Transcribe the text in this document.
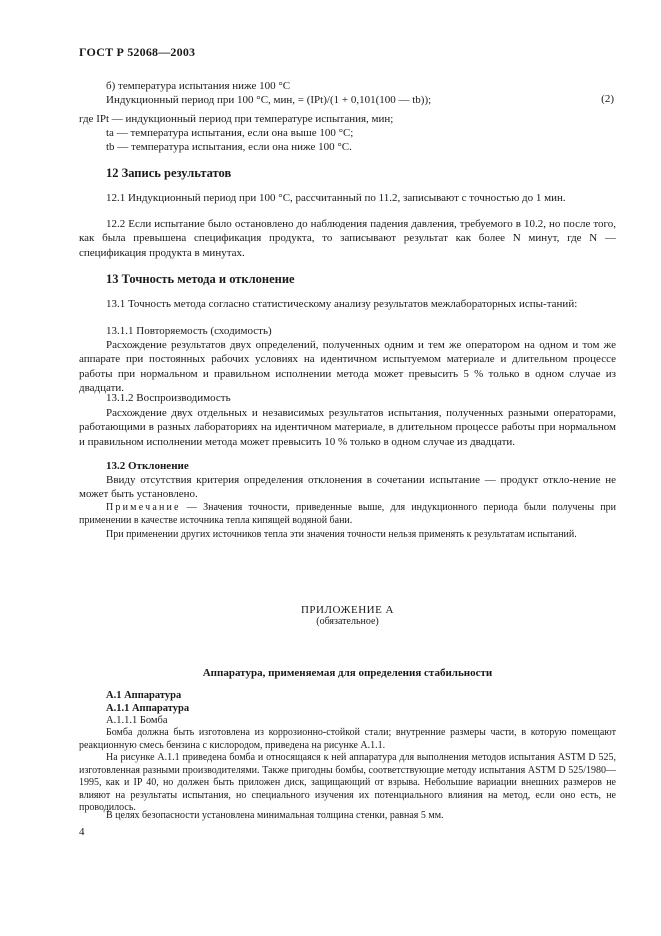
ГОСТ Р 52068—2003
б) температура испытания ниже 100 °С
Индукционный период при 100 °С, мин, = (IPt)/(1 + 0,101(100 — tb));	(2)
где IPt — индукционный период при температуре испытания, мин;
ta — температура испытания, если она выше 100 °С;
tb — температура испытания, если она ниже 100 °С.
12 Запись результатов
12.1 Индукционный период при 100 °С, рассчитанный по 11.2, записывают с точностью до 1 мин.
12.2 Если испытание было остановлено до наблюдения падения давления, требуемого в 10.2, но после того, как была превышена спецификация продукта, то записывают результат как более N минут, где N — спецификация продукта в минутах.
13 Точность метода и отклонение
13.1 Точность метода согласно статистическому анализу результатов межлабораторных испы-таний:
13.1.1 Повторяемость (сходимость)
Расхождение результатов двух определений, полученных одним и тем же оператором на одном и том же аппарате при постоянных рабочих условиях на идентичном испытуемом материале и длительном процессе работы при нормальном и правильном исполнении метода может превысить 5 % только в одном случае из двадцати.
13.1.2 Воспроизводимость
Расхождение двух отдельных и независимых результатов испытания, полученных разными операторами, работающими в разных лабораториях на идентичном материале, в длительном процессе работы при нормальном и правильном исполнении метода может превысить 10 % только в одном случае из двадцати.
13.2 Отклонение
Ввиду отсутствия критерия определения отклонения в сочетании испытание — продукт откло-нение не может быть установлено.
Примечание — Значения точности, приведенные выше, для индукционного периода были получены при применении в качестве источника тепла кипящей водяной бани.
При применении других источников тепла эти значения точности нельзя применять к результатам испытаний.
ПРИЛОЖЕНИЕ А
(обязательное)
Аппаратура, применяемая для определения стабильности
А.1 Аппаратура
А.1.1 Аппаратура
А.1.1.1 Бомба
Бомба должна быть изготовлена из коррозионно-стойкой стали; внутренние размеры части, в которую помещают реакционную смесь бензина с кислородом, приведена на рисунке А.1.1.
На рисунке А.1.1 приведена бомба и относящаяся к ней аппаратура для выполнения методов испытания ASTM D 525, изготовленная разными производителями. Также пригодны бомбы, соответствующие методу испытания ASTM D 525/1980—1995, как и IP 40, но должен быть приложен диск, защищающий от взрыва. Небольшие вариации внешних размеров не влияют на результаты испытания, но специального изучения их потенциального влияния на метод, если оно есть, не проводилось.
В целях безопасности установлена минимальная толщина стенки, равная 5 мм.
4
